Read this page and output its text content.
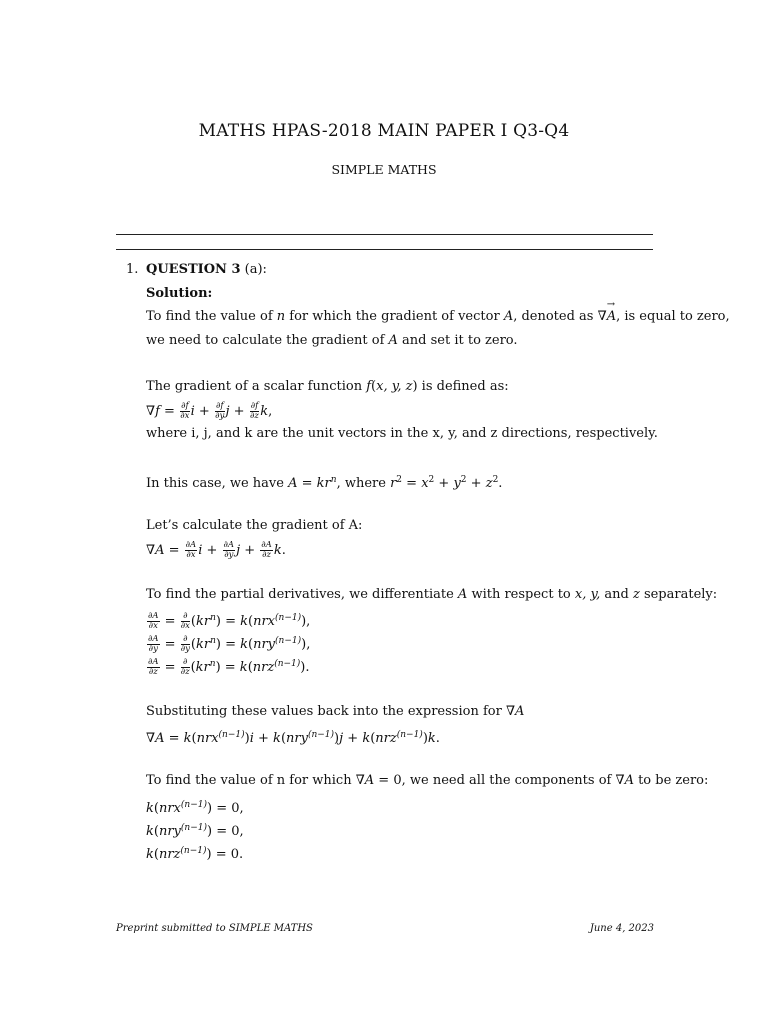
MATHS HPAS-2018 MAIN PAPER I Q3-Q4
SIMPLE MATHS
1. QUESTION 3 (a):
Solution:
To find the value of n for which the gradient of vector A, denoted as ∇→ A, is equal to zero,
we need to calculate the gradient of A and set it to zero.
The gradient of a scalar function f(x, y, z) is defined as:
$\nabla f = \frac{\partial f}{\partial x}$ $i + \frac{\partial f}{\partial y}$ $j + \frac{\partial f}{\partial z} k$,
where i, j, and k are the unit vectors in the x, y, and z directions, respectively.
In this case, we have $A = kr^n$, where $r^2 = x^2 + y^2 + z^2$.
Let’s calculate the gradient of A:
$\nabla A = \frac{\partial A}{\partial x}$ $i + \frac{\partial A}{\partial y}$ $j + \frac{\partial A}{\partial z} k$.
To find the partial derivatives, we differentiate A with respect to x, y, and z separately:
$\frac{\partial A}{\partial x} = \frac{\partial}{\partial x} (kr^n) = k(nrx^{(n-1)})$,
$\frac{\partial A}{\partial y} = \frac{\partial}{\partial y} (kr^n) = k(nry^{(n-1)})$,
$\frac{\partial A}{\partial z} = \frac{\partial}{\partial z} (kr^n) = k(nrz^{(n-1)})$.
Substituting these values back into the expression for ∇A
∇A = k(nrx$^{(n-1)}$)i + k(nry$^{(n-1)}$)j + k(nrz$^{(n-1)}$)k.
To find the value of n for which ∇A = 0, we need all the components of ∇A to be zero:
k(nrx$^{(n-1)}$) = 0,
k(nry$^{(n-1)}$) = 0,
k(nrz$^{(n-1)}$) = 0.
Preprint submitted to SIMPLE MATHS	June 4, 2023
